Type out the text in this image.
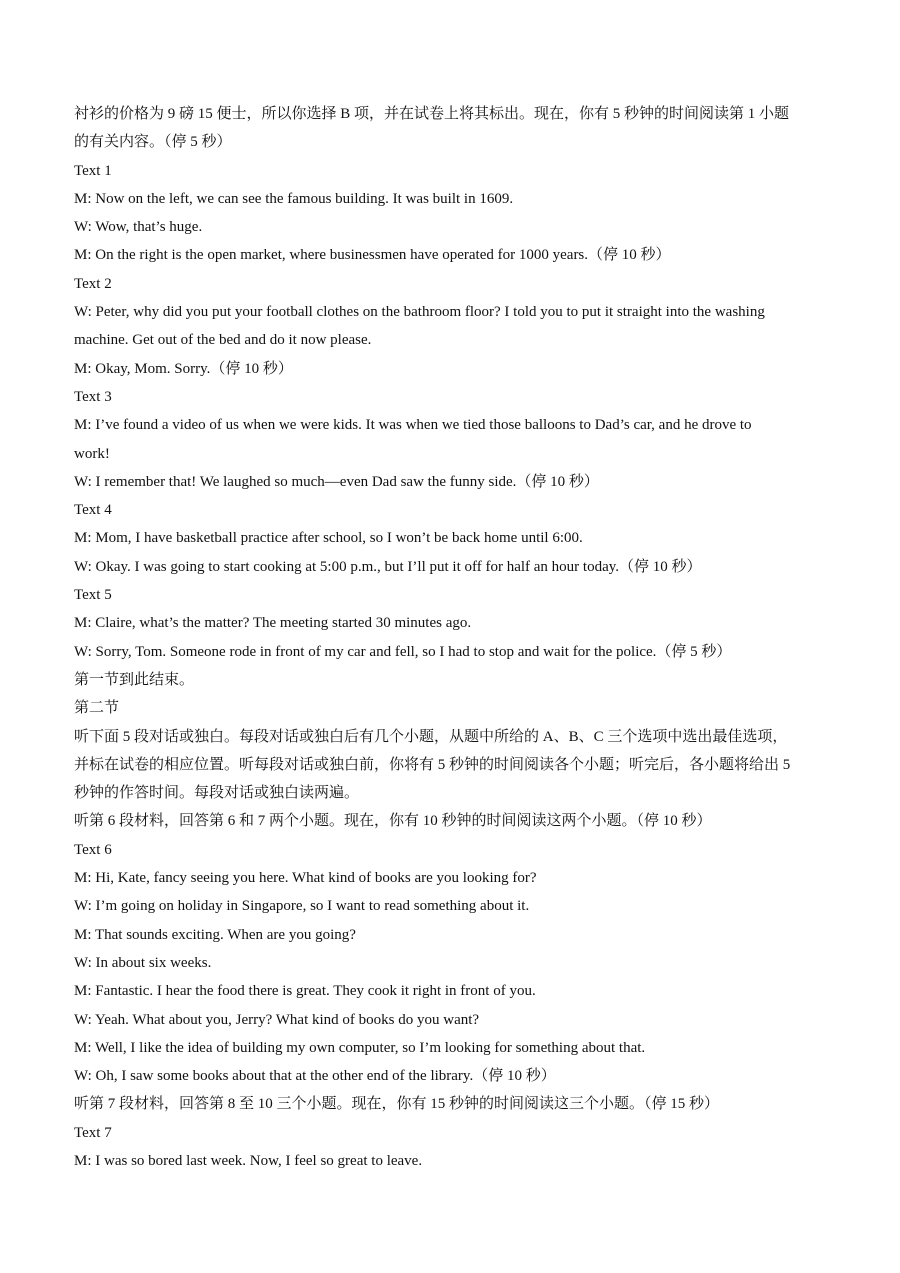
衬衫的价格为 9 磅 15 便士，所以你选择 B 项，并在试卷上将其标出。现在，你有 5 秒钟的时间阅读第 1 小题
的有关内容。（停 5 秒）
Text 1
M: Now on the left, we can see the famous building. It was built in 1609.
W: Wow, that’s huge.
M: On the right is the open market, where businessmen have operated for 1000 years.（停 10 秒）
Text 2
W: Peter, why did you put your football clothes on the bathroom floor? I told you to put it straight into the washing
machine. Get out of the bed and do it now please.
M: Okay, Mom. Sorry.（停 10 秒）
Text 3
M: I’ve found a video of us when we were kids. It was when we tied those balloons to Dad’s car, and he drove to
work!
W: I remember that! We laughed so much—even Dad saw the funny side.（停 10 秒）
Text 4
M: Mom, I have basketball practice after school, so I won’t be back home until 6:00.
W: Okay. I was going to start cooking at 5:00 p.m., but I’ll put it off for half an hour today.（停 10 秒）
Text 5
M: Claire, what’s the matter? The meeting started 30 minutes ago.
W: Sorry, Tom. Someone rode in front of my car and fell, so I had to stop and wait for the police.（停 5 秒）
第一节到此结束。
第二节
听下面 5 段对话或独白。每段对话或独白后有几个小题，从题中所给的 A、B、C 三个选项中选出最佳选项，
并标在试卷的相应位置。听每段对话或独白前，你将有 5 秒钟的时间阅读各个小题；听完后，各小题将给出 5
秒钟的作答时间。每段对话或独白读两遍。
听第 6 段材料，回答第 6 和 7 两个小题。现在，你有 10 秒钟的时间阅读这两个小题。（停 10 秒）
Text 6
M: Hi, Kate, fancy seeing you here. What kind of books are you looking for?
W: I’m going on holiday in Singapore, so I want to read something about it.
M: That sounds exciting. When are you going?
W: In about six weeks.
M: Fantastic. I hear the food there is great. They cook it right in front of you.
W: Yeah. What about you, Jerry? What kind of books do you want?
M: Well, I like the idea of building my own computer, so I’m looking for something about that.
W: Oh, I saw some books about that at the other end of the library.（停 10 秒）
听第 7 段材料，回答第 8 至 10 三个小题。现在，你有 15 秒钟的时间阅读这三个小题。（停 15 秒）
Text 7
M: I was so bored last week. Now, I feel so great to leave.
